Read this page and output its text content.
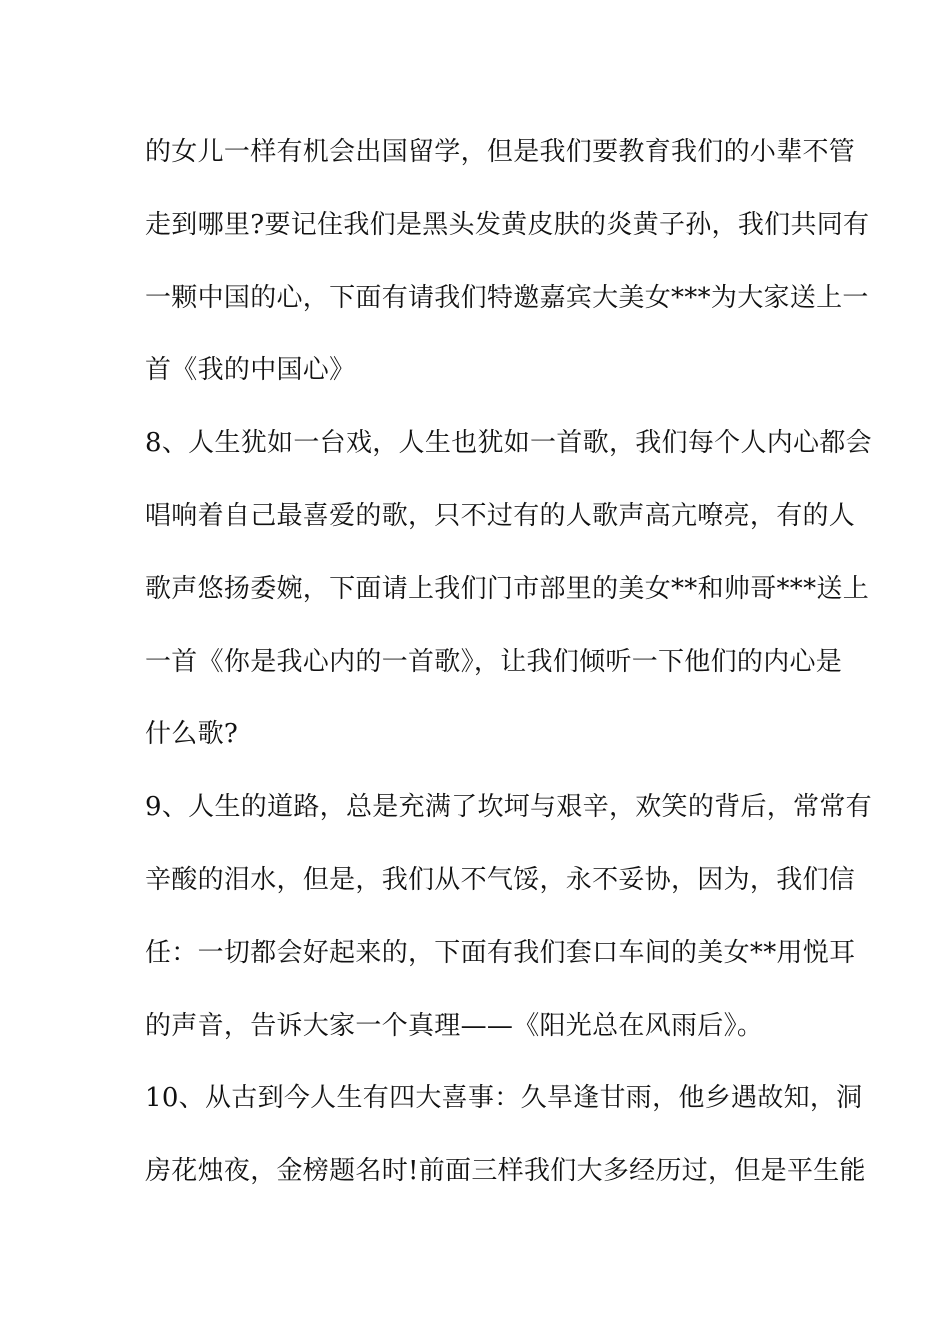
的女儿一样有机会出国留学，但是我们要教育我们的小辈不管
走到哪里?要记住我们是黑头发黄皮肤的炎黄子孙，我们共同有
一颗中国的心，下面有请我们特邀嘉宾大美女***为大家送上一
首《我的中国心》
8、人生犹如一台戏，人生也犹如一首歌，我们每个人内心都会
唱响着自己最喜爱的歌，只不过有的人歌声高亢嘹亮，有的人
歌声悠扬委婉，下面请上我们门市部里的美女**和帅哥***送上
一首《你是我心内的一首歌》，让我们倾听一下他们的内心是
什么歌?
9、人生的道路，总是充满了坎坷与艰辛，欢笑的背后，常常有
辛酸的泪水，但是，我们从不气馁，永不妥协，因为，我们信
任：一切都会好起来的，下面有我们套口车间的美女**用悦耳
的声音，告诉大家一个真理——《阳光总在风雨后》。
10、从古到今人生有四大喜事：久旱逢甘雨，他乡遇故知，洞
房花烛夜，金榜题名时!前面三样我们大多经历过，但是平生能
